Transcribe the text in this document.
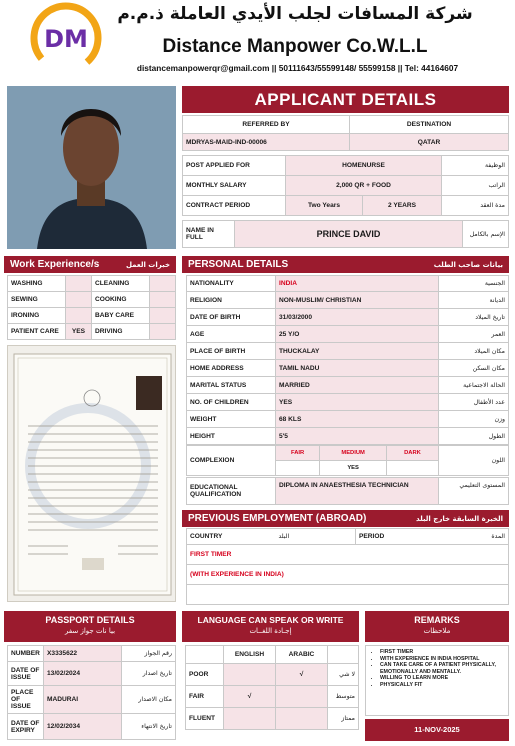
DM
شركة المسافات لجلب الأيدي العاملة ذ.م.م
Distance Manpower Co.W.L.L
distancemanpowerqr@gmail.com || 50111643/55599148/ 55599158 || Tel: 44164607
APPLICANT DETAILS
REFERRED BY	DESTINATION
MDRYAS-MAID-IND-00006	QATAR
POST APPLIED FOR	HOMENURSE		الوظيفة
MONTHLY SALARY	2,000 QR + FOOD		الراتب
CONTRACT PERIOD	Two Years	2 YEARS	مدة العقد
NAME IN FULL	PRINCE DAVID	الإسم بالكامل
Work Experience/s	خبرات العمل
WASHING		CLEANING	
SEWING		COOKING	
IRONING		BABY CARE	
PATIENT CARE	YES	DRIVING	
PERSONAL DETAILS	بيانات صاحب الطلب
NATIONALITY	INDIA	الجنسية
RELIGION	NON-MUSLIM/ CHRISTIAN	الديانة
DATE OF BIRTH	31/03/2000	تاريخ الميلاد
AGE	25 Y/O	العمر
PLACE OF BIRTH	THUCKALAY	مكان الميلاد
HOME ADDRESS	TAMIL NADU	مكان السكن
MARITAL STATUS	MARRIED	الحالة الاجتماعية
NO. OF CHILDREN	YES	عدد الأطفال
WEIGHT	68 KLS	وزن
HEIGHT	5'5	الطول
COMPLEXION	FAIR	MEDIUM	DARK	اللون
		YES		
EDUCATIONAL QUALIFICATION	DIPLOMA IN ANAESTHESIA TECHNICIAN	المستوى التعليمي
PREVIOUS EMPLOYMENT (ABROAD)	الخبرة السابقة خارج البلد
COUNTRY	البلد	PERIOD	المدة
FIRST TIMER
(WITH EXPERIENCE IN INDIA)

PASSPORT DETAILS
بيا نات جواز سفر
NUMBER	X3335622	رقم الجواز
DATE OF ISSUE	13/02/2024	تاريخ اصدار
PLACE OF ISSUE	MADURAI	مكان الاصدار
DATE OF EXPIRY	12/02/2034	تاريخ الانتهاء
LANGUAGE CAN SPEAK OR WRITE
إجـادة اللغــات
	ENGLISH	ARABIC	
POOR		√	لا شي
FAIR	√		متوسط
FLUENT			ممتاز
REMARKS
ملاحظات
• FIRST TIMER
• WITH EXPERIENCE IN INDIA HOSPITAL
• CAN TAKE CARE OF A PATIENT PHYSICALLY, EMOTIONALLY AND MENTALLY.
• WILLING TO LEARN MORE
• PHYSICALLY FIT
11-NOV-2025
